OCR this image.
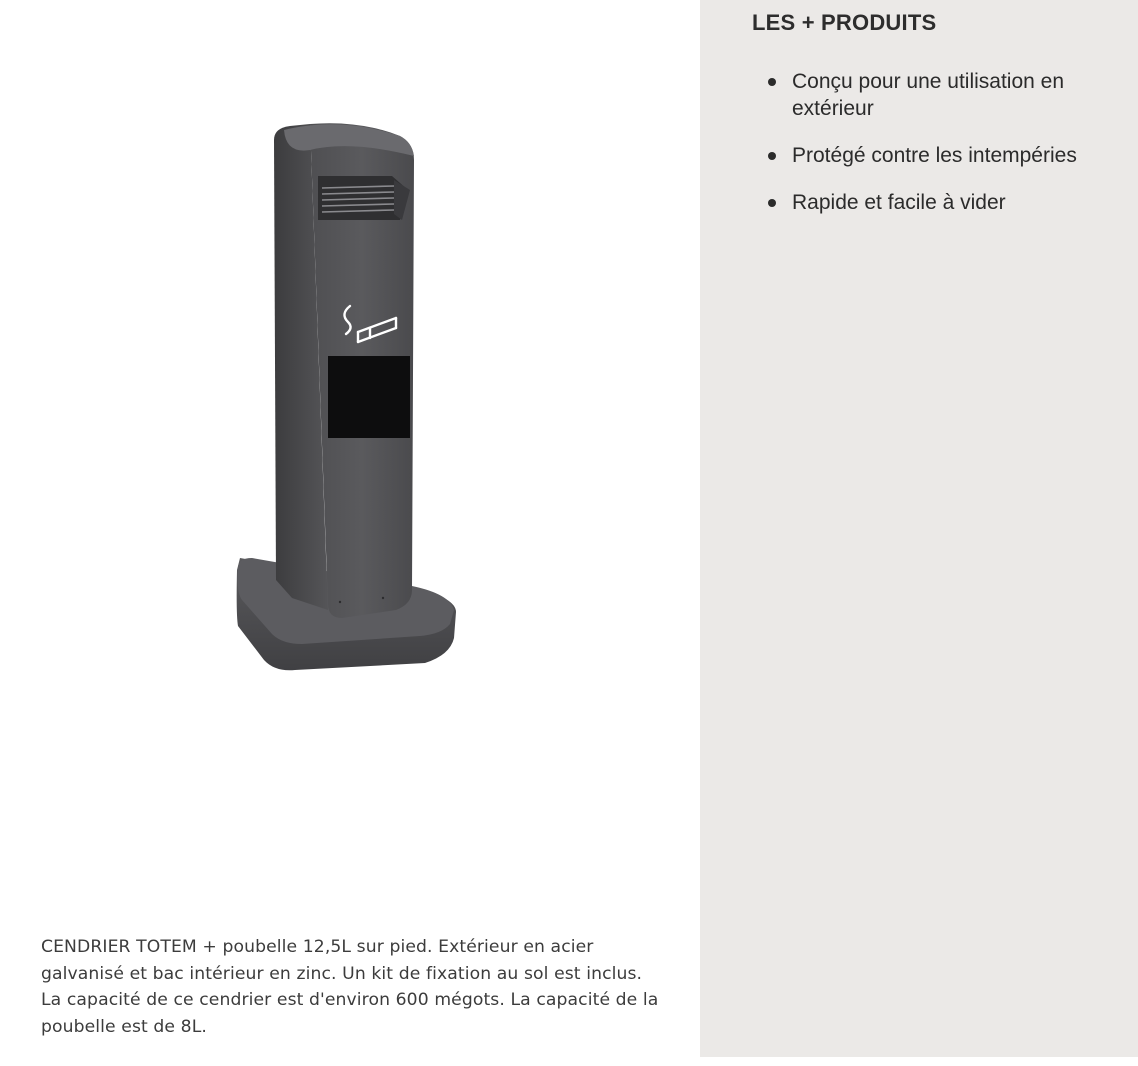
CENDRIER TOTEM + poubelle 12,5L sur pied. Extérieur en acier galvanisé et bac intérieur en zinc. Un kit de fixation au sol est inclus. La capacité de ce cendrier est d'environ 600 mégots. La capacité de la poubelle est de 8L.

LES + PRODUITS
Conçu pour une utilisation en extérieur
Protégé contre les intempéries
Rapide et facile à vider
